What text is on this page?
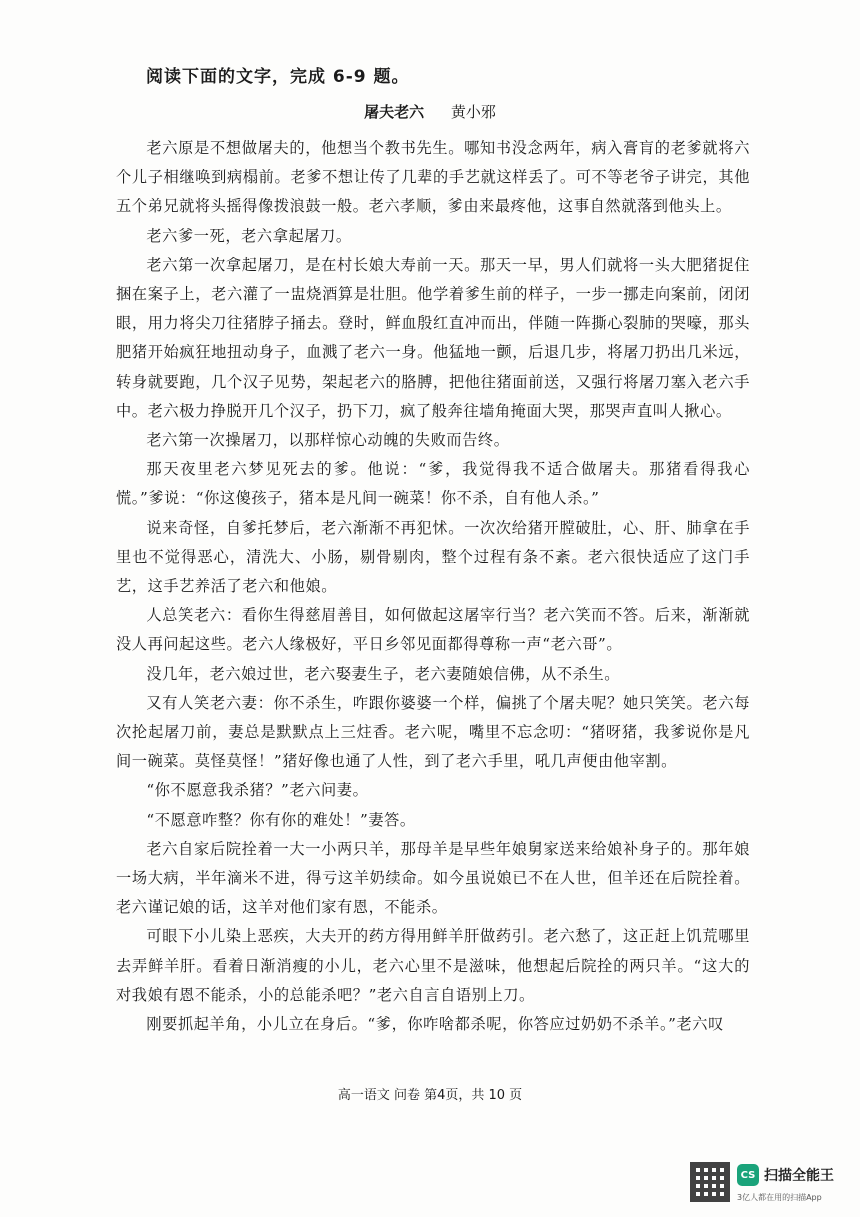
阅读下面的文字，完成 6-9 题。
屠夫老六 黄小邪

老六原是不想做屠夫的，他想当个教书先生。哪知书没念两年，病入膏肓的老爹就将六个儿子相继唤到病榻前。老爹不想让传了几辈的手艺就这样丢了。可不等老爷子讲完，其他五个弟兄就将头摇得像拨浪鼓一般。老六孝顺，爹由来最疼他，这事自然就落到他头上。

老六爹一死，老六拿起屠刀。

老六第一次拿起屠刀，是在村长娘大寿前一天。那天一早，男人们就将一头大肥猪捉住捆在案子上，老六灌了一盅烧酒算是壮胆。他学着爹生前的样子，一步一挪走向案前，闭闭眼，用力将尖刀往猪脖子捅去。登时，鲜血殷红直冲而出，伴随一阵撕心裂肺的哭嚎，那头肥猪开始疯狂地扭动身子，血溅了老六一身。他猛地一颤，后退几步，将屠刀扔出几米远，转身就要跑，几个汉子见势，架起老六的胳膊，把他往猪面前送，又强行将屠刀塞入老六手中。老六极力挣脱开几个汉子，扔下刀，疯了般奔往墙角掩面大哭，那哭声直叫人揪心。

老六第一次操屠刀，以那样惊心动魄的失败而告终。

那天夜里老六梦见死去的爹。他说：“爹，我觉得我不适合做屠夫。那猪看得我心慌。”爹说：“你这傻孩子，猪本是凡间一碗菜！你不杀，自有他人杀。”

说来奇怪，自爹托梦后，老六渐渐不再犯怵。一次次给猪开膛破肚，心、肝、肺拿在手里也不觉得恶心，清洗大、小肠，剔骨剔肉，整个过程有条不紊。老六很快适应了这门手艺，这手艺养活了老六和他娘。

人总笑老六：看你生得慈眉善目，如何做起这屠宰行当？老六笑而不答。后来，渐渐就没人再问起这些。老六人缘极好，平日乡邻见面都得尊称一声“老六哥”。

没几年，老六娘过世，老六娶妻生子，老六妻随娘信佛，从不杀生。

又有人笑老六妻：你不杀生，咋跟你婆婆一个样，偏挑了个屠夫呢？她只笑笑。老六每次抡起屠刀前，妻总是默默点上三炷香。老六呢，嘴里不忘念叨：“猪呀猪，我爹说你是凡间一碗菜。莫怪莫怪！”猪好像也通了人性，到了老六手里，吼几声便由他宰割。

“你不愿意我杀猪？”老六问妻。

“不愿意咋整？你有你的难处！”妻答。

老六自家后院拴着一大一小两只羊，那母羊是早些年娘舅家送来给娘补身子的。那年娘一场大病，半年滴米不进，得亏这羊奶续命。如今虽说娘已不在人世，但羊还在后院拴着。老六谨记娘的话，这羊对他们家有恩，不能杀。

可眼下小儿染上恶疾，大夫开的药方得用鲜羊肝做药引。老六愁了，这正赶上饥荒哪里去弄鲜羊肝。看着日渐消瘦的小儿，老六心里不是滋味，他想起后院拴的两只羊。“这大的对我娘有恩不能杀，小的总能杀吧？”老六自言自语别上刀。

刚要抓起羊角，小儿立在身后。“爹，你咋啥都杀呢，你答应过奶奶不杀羊。”老六叹

高一语文 问卷 第4页，共 10 页
CS 扫描全能王
3亿人都在用的扫描App
